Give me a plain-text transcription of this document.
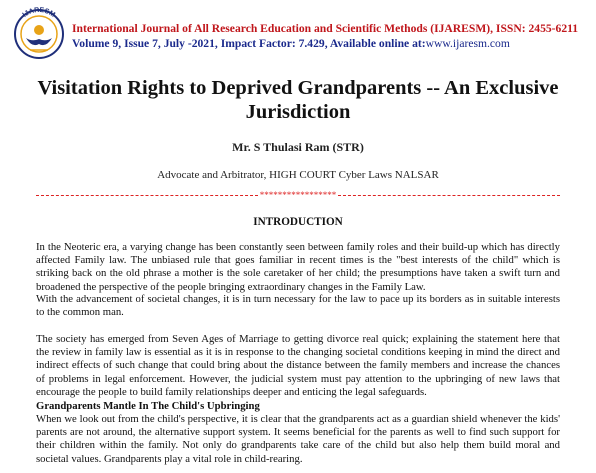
IJARESM
International Journal of All Research Education and Scientific Methods (IJARESM), ISSN: 2455-6211
Volume 9, Issue 7, July -2021, Impact Factor: 7.429, Available online at:www.ijaresm.com
Visitation Rights to Deprived Grandparents -- An Exclusive Jurisdiction
Mr. S Thulasi Ram (STR)
Advocate and Arbitrator, HIGH COURT Cyber Laws NALSAR
*****************
INTRODUCTION
In the Neoteric era, a varying change has been constantly seen between family roles and their build-up which has directly affected Family law. The unbiased rule that goes familiar in recent times is the "best interests of the child" which is striking back on the old phrase a mother is the sole caretaker of her child; the presumptions have taken a swift turn and broadened the perspective of the people bringing extraordinary changes in the Family Law.
With the advancement of societal changes, it is in turn necessary for the law to pace up its borders as in suitable interests to the common man.
The society has emerged from Seven Ages of Marriage to getting divorce real quick; explaining the statement here that the review in family law is essential as it is in response to the changing societal conditions keeping in mind the direct and indirect effects of such change that could bring about the distance between the family members and increase the chances of problems in legal enforcement. However, the judicial system must pay attention to the upbringing of new laws that encourage the people to build family relationships deeper and enticing the legal safeguards.
Grandparents Mantle In The Child's Upbringing
When we look out from the child's perspective, it is clear that the grandparents act as a guardian shield whenever the kids' parents are not around, the alternative support system. It seems beneficial for the parents as well to find such support for their children within the family. Not only do grandparents take care of the child but also help them build moral and societal values. Grandparents play a vital role in child-rearing.
